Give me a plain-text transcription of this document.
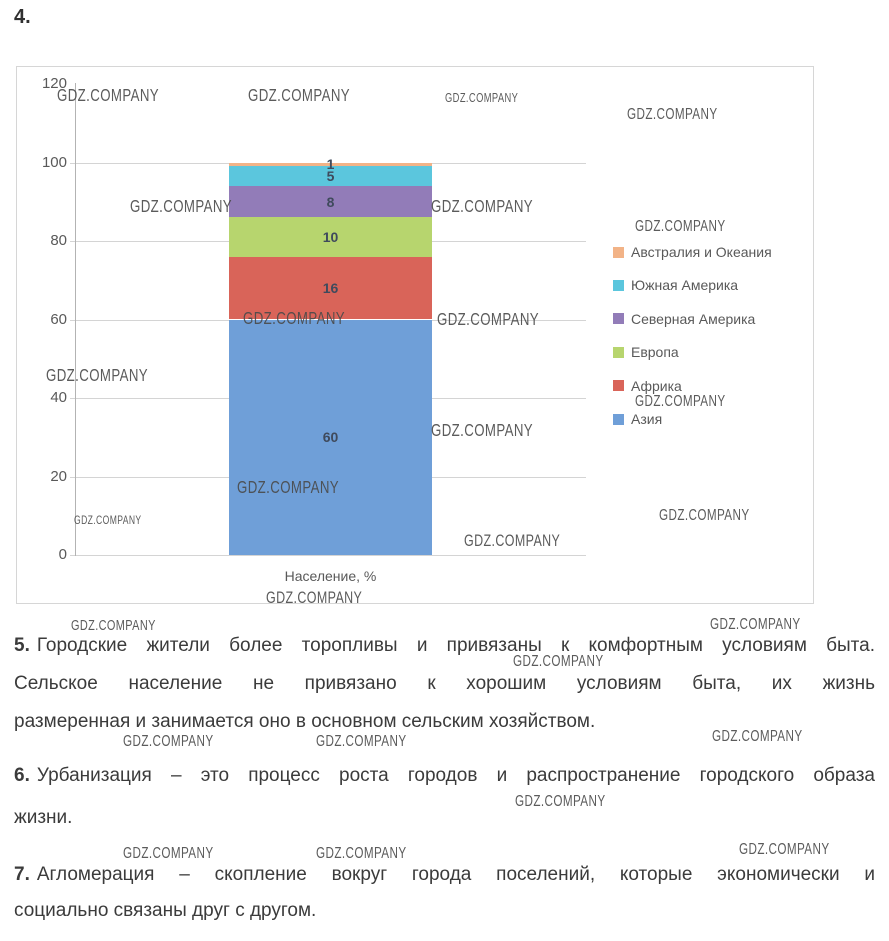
4.
0
20
40
60
80
100
120
60
16
10
8
5
1
Австралия и Океания
Южная Америка
Северная Америка
Европа
Африка
Азия
Население, %
5. Городские жители более торопливы и привязаны к комфортным условиям быта.
Сельское население не привязано к хорошим условиям быта, их жизнь
размеренная и занимается оно в основном сельским хозяйством.
6. Урбанизация – это процесс роста городов и распространение городского образа
жизни.
7. Агломерация – скопление вокруг города поселений, которые экономически и
социально связаны друг с другом.
GDZ.COMPANY	GDZ.COMPANY	GDZ.COMPANY
GDZ.COMPANY
GDZ.COMPANY	GDZ.COMPANY
GDZ.COMPANY
GDZ.COMPANY	GDZ.COMPANY
GDZ.COMPANY
GDZ.COMPANY
GDZ.COMPANY
GDZ.COMPANY
GDZ.COMPANY	GDZ.COMPANY
GDZ.COMPANY
GDZ.COMPANY
GDZ.COMPANY	GDZ.COMPANY
GDZ.COMPANY
GDZ.COMPANY	GDZ.COMPANY	GDZ.COMPANY
GDZ.COMPANY
GDZ.COMPANY	GDZ.COMPANY	GDZ.COMPANY
